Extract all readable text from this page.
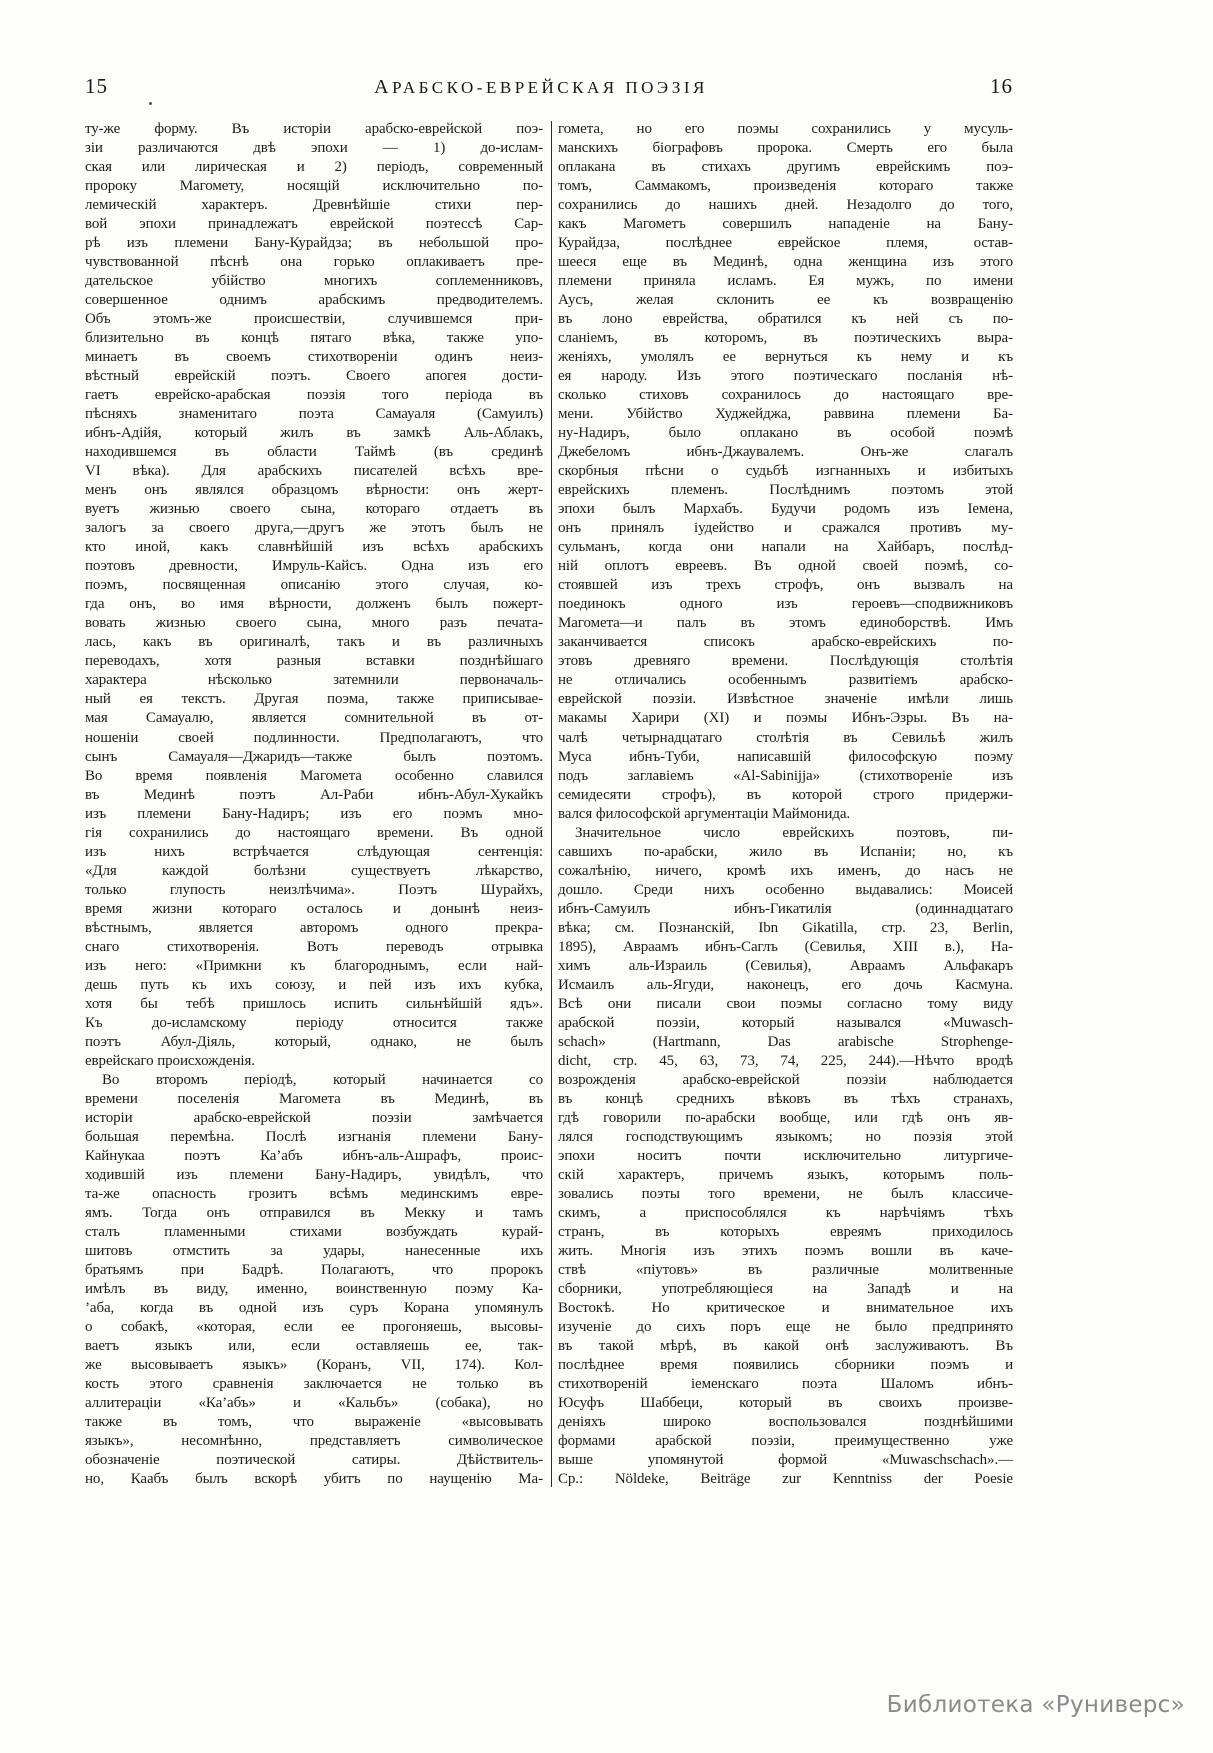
15	АРАБСКО-ЕВРЕЙСКАЯ ПОЭЗІЯ	16
ту-же форму. Въ исторіи арабско-еврейской поэ-
зіи различаются двѣ эпохи — 1) до-ислам-
ская или лирическая и 2) періодъ, современный
пророку Магомету, носящій исключительно по-
лемическій характеръ. Древнѣйшіе стихи пер-
вой эпохи принадлежатъ еврейской поэтессѣ Сар-
рѣ изъ племени Бану-Курайдза; въ небольшой про-
чувствованной пѣснѣ она горько оплакиваетъ пре-
дательское убійство многихъ соплеменниковъ,
совершенное однимъ арабскимъ предводителемъ.
Объ этомъ-же происшествіи, случившемся при-
близительно въ концѣ пятаго вѣка, также упо-
минаетъ въ своемъ стихотвореніи одинъ неиз-
вѣстный еврейскій поэтъ. Своего апогея дости-
гаетъ еврейско-арабская поэзія того періода въ
пѣсняхъ знаменитаго поэта Самауаля (Самуилъ)
ибнъ-Адійя, который жилъ въ замкѣ Аль-Аблакъ,
находившемся въ области Таймѣ (въ срединѣ
VI вѣка). Для арабскихъ писателей всѣхъ вре-
менъ онъ являлся образцомъ вѣрности: онъ жерт-
вуетъ жизнью своего сына, котораго отдаетъ въ
залогъ за своего друга,—другъ же этотъ былъ не
кто иной, какъ славнѣйшій изъ всѣхъ арабскихъ
поэтовъ древности, Имруль-Кайсъ. Одна изъ его
поэмъ, посвященная описанію этого случая, ко-
гда онъ, во имя вѣрности, долженъ былъ пожерт-
вовать жизнью своего сына, много разъ печата-
лась, какъ въ оригиналѣ, такъ и въ различныхъ
переводахъ, хотя разныя вставки позднѣйшаго
характера нѣсколько затемнили первоначаль-
ный ея текстъ. Другая поэма, также приписывае-
мая Самауалю, является сомнительной въ от-
ношеніи своей подлинности. Предполагаютъ, что
сынъ Самауаля—Джаридъ—также былъ поэтомъ.
Во время появленія Магомета особенно славился
въ Мединѣ поэтъ Ал-Раби ибнъ-Абул-Хукайкъ
изъ племени Бану-Надиръ; изъ его поэмъ мно-
гія сохранились до настоящаго времени. Въ одной
изъ нихъ встрѣчается слѣдующая сентенція:
«Для каждой болѣзни существуетъ лѣкарство,
только глупость неизлѣчима». Поэтъ Шурайхъ,
время жизни котораго осталось и донынѣ неиз-
вѣстнымъ, является авторомъ одного прекра-
снаго стихотворенія. Вотъ переводъ отрывка
изъ него: «Примкни къ благороднымъ, если най-
дешь путь къ ихъ союзу, и пей изъ ихъ кубка,
хотя бы тебѣ пришлось испить сильнѣйшій ядъ».
Къ до-исламскому періоду относится также
поэтъ Абул-Діяль, который, однако, не былъ
еврейскаго происхожденія.
Во второмъ періодѣ, который начинается со
времени поселенія Магомета въ Мединѣ, въ
исторіи арабско-еврейской поэзіи замѣчается
большая перемѣна. Послѣ изгнанія племени Бану-
Кайнукаа поэтъ Ка’абъ ибнъ-аль-Ашрафъ, проис-
ходившій изъ племени Бану-Надиръ, увидѣлъ, что
та-же опасность грозитъ всѣмъ мединскимъ евре-
ямъ. Тогда онъ отправился въ Мекку и тамъ
сталъ пламенными стихами возбуждать курай-
шитовъ отмстить за удары, нанесенные ихъ
братьямъ при Бадрѣ. Полагаютъ, что пророкъ
имѣлъ въ виду, именно, воинственную поэму Ка-
’аба, когда въ одной изъ суръ Корана упомянулъ
о собакѣ, «которая, если ее прогоняешь, высовы-
ваетъ языкъ или, если оставляешь ее, так-
же высовываетъ языкъ» (Коранъ, VII, 174). Кол-
кость этого сравненія заключается не только въ
аллитераціи «Ка’абъ» и «Кальбъ» (собака), но
также въ томъ, что выраженіе «высовывать
языкъ», несомнѣнно, представляетъ символическое
обозначеніе поэтической сатиры. Дѣйствитель-
но, Каабъ былъ вскорѣ убитъ по наущенію Ма-
гомета, но его поэмы сохранились у мусуль-
манскихъ біографовъ пророка. Смерть его была
оплакана въ стихахъ другимъ еврейскимъ поэ-
томъ, Саммакомъ, произведенія котораго также
сохранились до нашихъ дней. Незадолго до того,
какъ Магометъ совершилъ нападеніе на Бану-
Курайдза, послѣднее еврейское племя, остав-
шееся еще въ Мединѣ, одна женщина изъ этого
племени приняла исламъ. Ея мужъ, по имени
Аусъ, желая склонить ее къ возвращенію
въ лоно еврейства, обратился къ ней съ по-
сланіемъ, въ которомъ, въ поэтическихъ выра-
женіяхъ, умолялъ ее вернуться къ нему и къ
ея народу. Изъ этого поэтическаго посланія нѣ-
сколько стиховъ сохранилось до настоящаго вре-
мени. Убійство Худжейджа, раввина племени Ба-
ну-Надиръ, было оплакано въ особой поэмѣ
Джебеломъ ибнъ-Джаувалемъ. Онъ-же слагалъ
скорбныя пѣсни о судьбѣ изгнанныхъ и избитыхъ
еврейскихъ племенъ. Послѣднимъ поэтомъ этой
эпохи былъ Мархабъ. Будучи родомъ изъ Іемена,
онъ принялъ іудейство и сражался противъ му-
сульманъ, когда они напали на Хайбаръ, послѣд-
ній оплотъ евреевъ. Въ одной своей поэмѣ, со-
стоявшей изъ трехъ строфъ, онъ вызвалъ на
поединокъ одного изъ героевъ—сподвижниковъ
Магомета—и палъ въ этомъ единоборствѣ. Имъ
заканчивается списокъ арабско-еврейскихъ по-
этовъ древняго времени. Послѣдующія столѣтія
не отличались особеннымъ развитіемъ арабско-
еврейской поэзіи. Извѣстное значеніе имѣли лишь
макамы Харири (XI) и поэмы Ибнъ-Эзры. Въ на-
чалѣ четырнадцатаго столѣтія въ Севильѣ жилъ
Муса ибнъ-Туби, написавшій философскую поэму
подъ заглавіемъ «Al-Sabinijja» (стихотвореніе изъ
семидесяти строфъ), въ которой строго придержи-
вался философской аргументаціи Маймонида.
Значительное число еврейскихъ поэтовъ, пи-
савшихъ по-арабски, жило въ Испаніи; но, къ
сожалѣнію, ничего, кромѣ ихъ именъ, до насъ не
дошло. Среди нихъ особенно выдавались: Моисей
ибнъ-Самуилъ ибнъ-Гикатилія (одиннадцатаго
вѣка; см. Познанскій, Ibn Gikatilla, стр. 23, Berlin,
1895), Авраамъ ибнъ-Саглъ (Севилья, XIII в.), На-
химъ аль-Израиль (Севилья), Авраамъ Альфакаръ
Исмаилъ аль-Ягуди, наконецъ, его дочь Касмуна.
Всѣ они писали свои поэмы согласно тому виду
арабской поэзіи, который назывался «Muwasch-
schach» (Hartmann, Das arabische Strophenge-
dicht, стр. 45, 63, 73, 74, 225, 244).—Нѣчто вродѣ
возрожденія арабско-еврейской поэзіи наблюдается
въ концѣ среднихъ вѣковъ въ тѣхъ странахъ,
гдѣ говорили по-арабски вообще, или гдѣ онъ яв-
лялся господствующимъ языкомъ; но поэзія этой
эпохи носитъ почти исключительно литургиче-
скій характеръ, причемъ языкъ, которымъ поль-
зовались поэты того времени, не былъ классиче-
скимъ, а приспособлялся къ нарѣчіямъ тѣхъ
странъ, въ которыхъ евреямъ приходилось
жить. Многія изъ этихъ поэмъ вошли въ каче-
ствѣ «піутовъ» въ различные молитвенные
сборники, употребляющіеся на Западѣ и на
Востокѣ. Но критическое и внимательное ихъ
изученіе до сихъ поръ еще не было предпринято
въ такой мѣрѣ, въ какой онѣ заслуживаютъ. Въ
послѣднее время появились сборники поэмъ и
стихотвореній іеменскаго поэта Шаломъ ибнъ-
Юсуфъ Шаббеци, который въ своихъ произве-
деніяхъ широко воспользовался позднѣйшими
формами арабской поэзіи, преимущественно уже
выше упомянутой формой «Muwaschschach».—
Ср.: Nöldeke, Beiträge zur Kenntniss der Poesie
Библиотека «Руниверс»
